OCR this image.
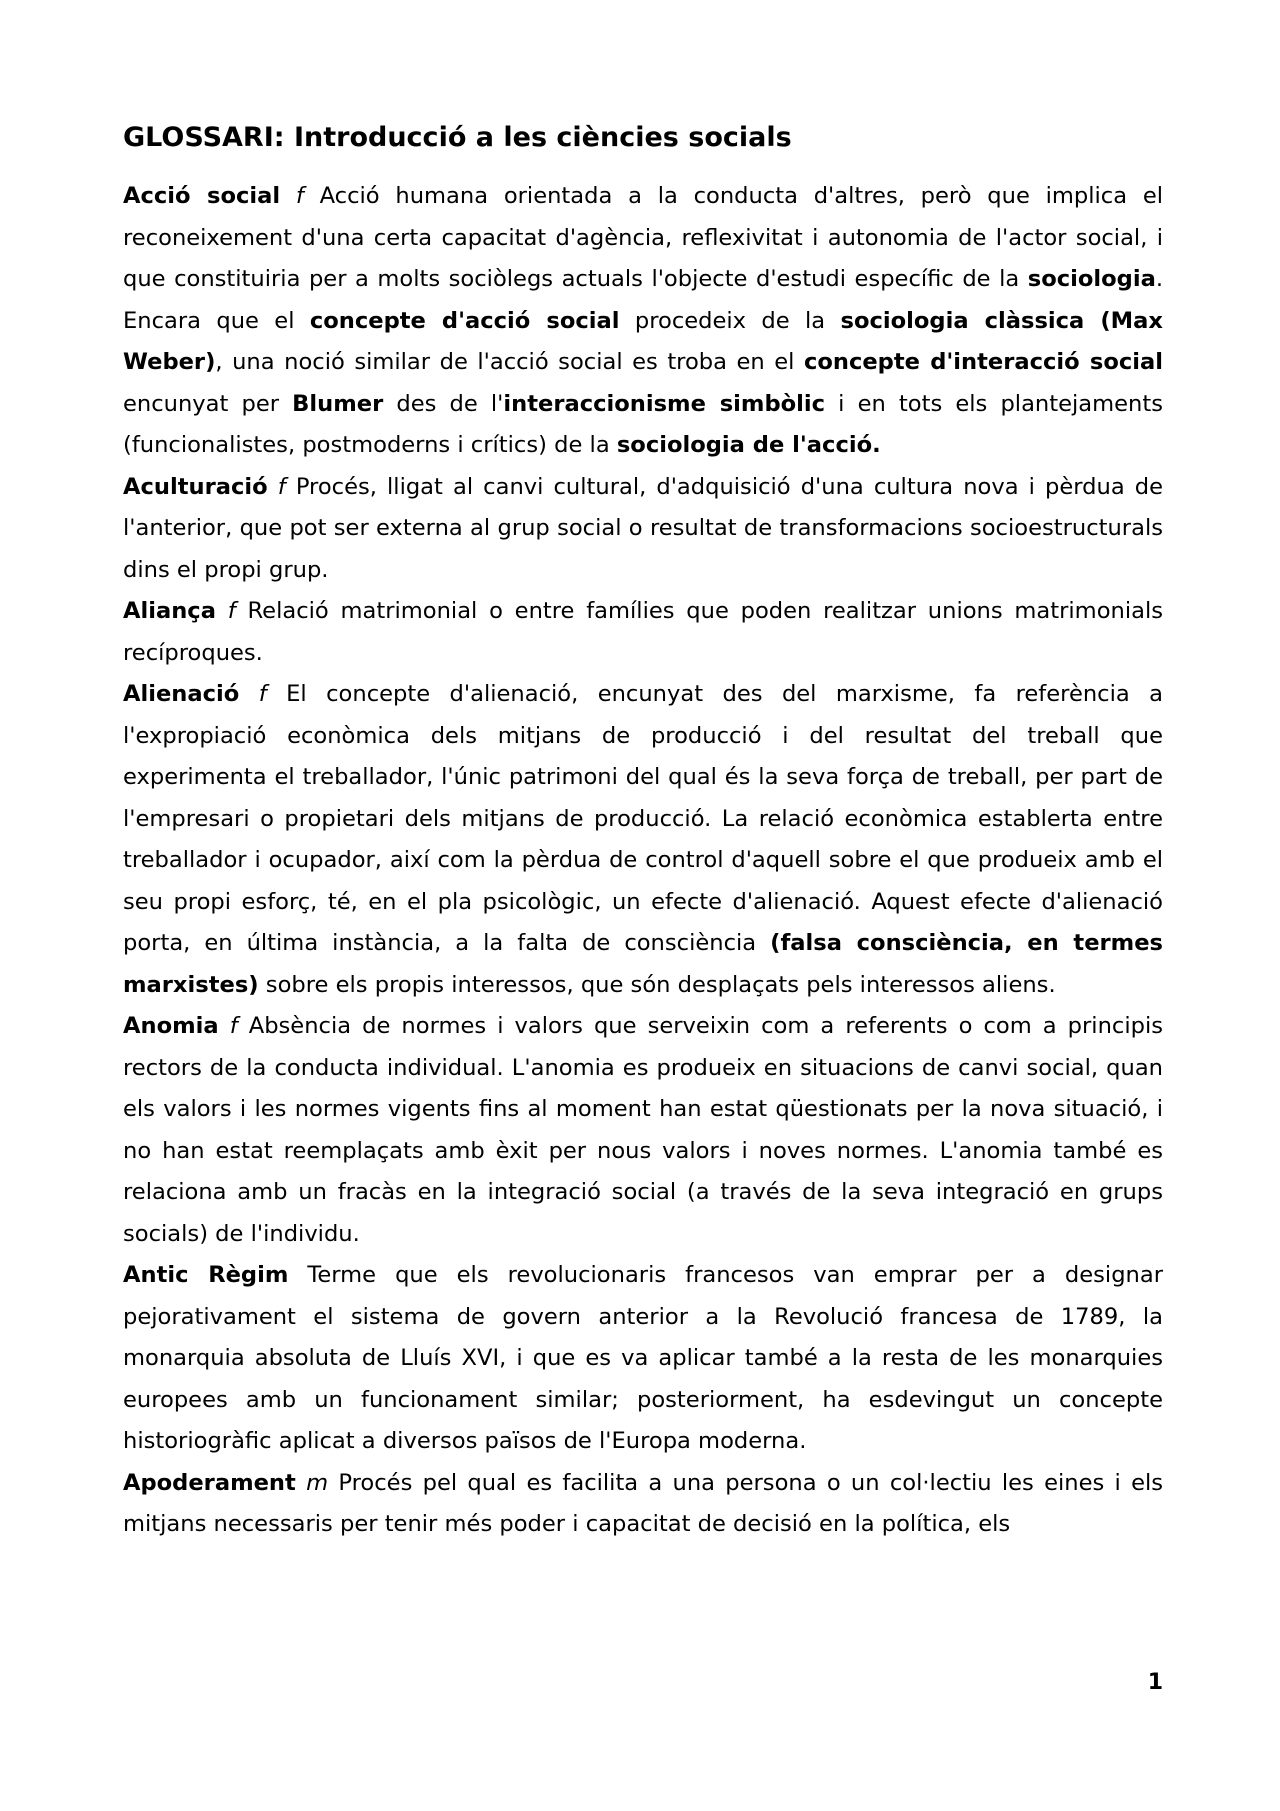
GLOSSARI: Introducció a les ciències socials

Acció social f Acció humana orientada a la conducta d'altres, però que implica el reconeixement d'una certa capacitat d'agència, reflexivitat i autonomia de l'actor social, i que constituiria per a molts sociòlegs actuals l'objecte d'estudi específic de la sociologia. Encara que el concepte d'acció social procedeix de la sociologia clàssica (Max Weber), una noció similar de l'acció social es troba en el concepte d'interacció social encunyat per Blumer des de l'interaccionisme simbòlic i en tots els plantejaments (funcionalistes, postmoderns i crítics) de la sociologia de l'acció.

Aculturació f Procés, lligat al canvi cultural, d'adquisició d'una cultura nova i pèrdua de l'anterior, que pot ser externa al grup social o resultat de transformacions socioestructurals dins el propi grup.

Aliança f Relació matrimonial o entre famílies que poden realitzar unions matrimonials recíproques.

Alienació f El concepte d'alienació, encunyat des del marxisme, fa referència a l'expropiació econòmica dels mitjans de producció i del resultat del treball que experimenta el treballador, l'únic patrimoni del qual és la seva força de treball, per part de l'empresari o propietari dels mitjans de producció. La relació econòmica establerta entre treballador i ocupador, així com la pèrdua de control d'aquell sobre el que produeix amb el seu propi esforç, té, en el pla psicològic, un efecte d'alienació. Aquest efecte d'alienació porta, en última instància, a la falta de consciència (falsa consciència, en termes marxistes) sobre els propis interessos, que són desplaçats pels interessos aliens.

Anomia f Absència de normes i valors que serveixin com a referents o com a principis rectors de la conducta individual. L'anomia es produeix en situacions de canvi social, quan els valors i les normes vigents fins al moment han estat qüestionats per la nova situació, i no han estat reemplaçats amb èxit per nous valors i noves normes. L'anomia també es relaciona amb un fracàs en la integració social (a través de la seva integració en grups socials) de l'individu.

Antic Règim Terme que els revolucionaris francesos van emprar per a designar pejorativament el sistema de govern anterior a la Revolució francesa de 1789, la monarquia absoluta de Lluís XVI, i que es va aplicar també a la resta de les monarquies europees amb un funcionament similar; posteriorment, ha esdevingut un concepte historiogràfic aplicat a diversos països de l'Europa moderna.

Apoderament m Procés pel qual es facilita a una persona o un col·lectiu les eines i els mitjans necessaris per tenir més poder i capacitat de decisió en la política, els

1
